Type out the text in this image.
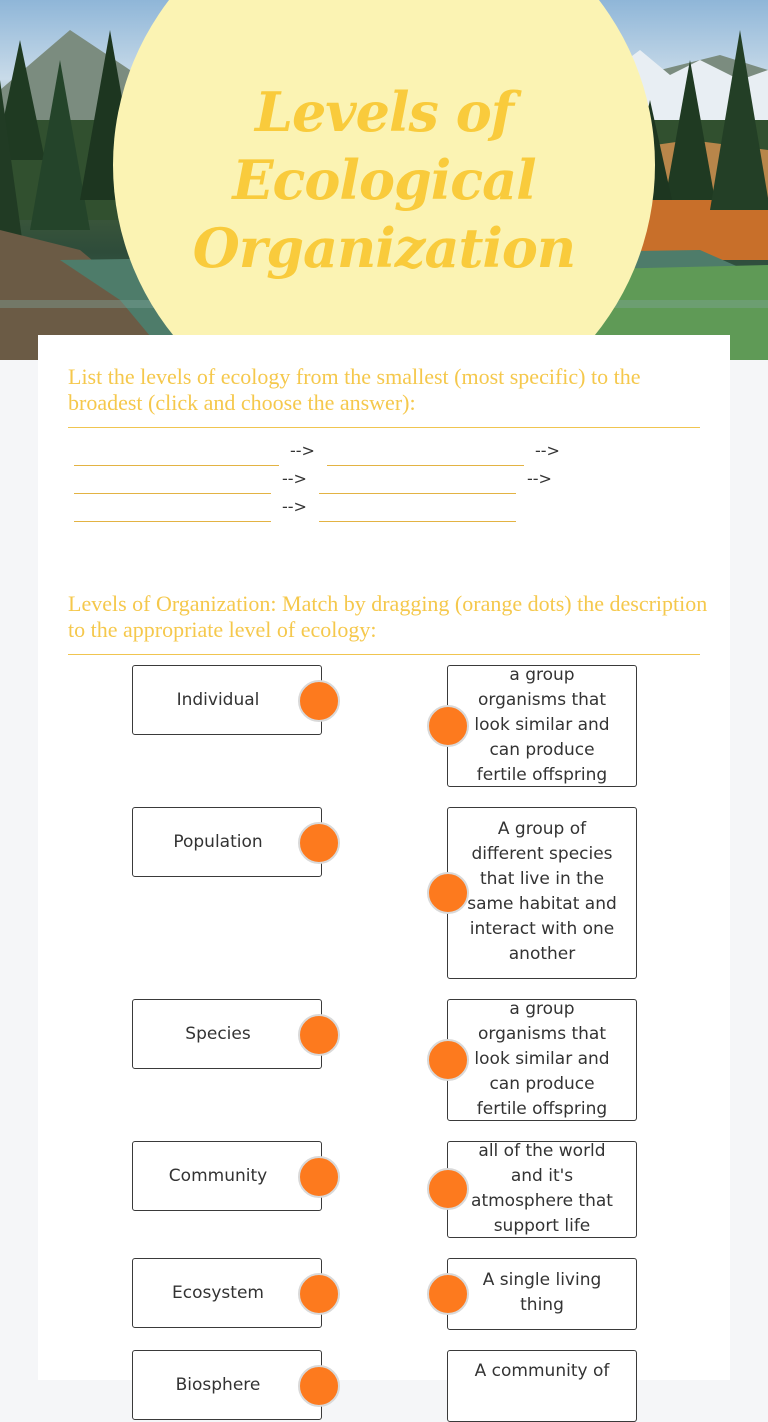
Levels of
Ecological
Organization
List the levels of ecology from the smallest (most specific) to the broadest (click and choose the answer):
-->	-->
-->	-->
-->
Levels of Organization: Match by dragging (orange dots) the description to the appropriate level of ecology:
Individual
Population
Species
Community
Ecosystem
Biosphere
a group organisms that look similar and can produce fertile offspring
A group of different species that live in the same habitat and interact with one another
a group organisms that look similar and can produce fertile offspring
all of the world and it's atmosphere that support life
A single living thing
A community of
